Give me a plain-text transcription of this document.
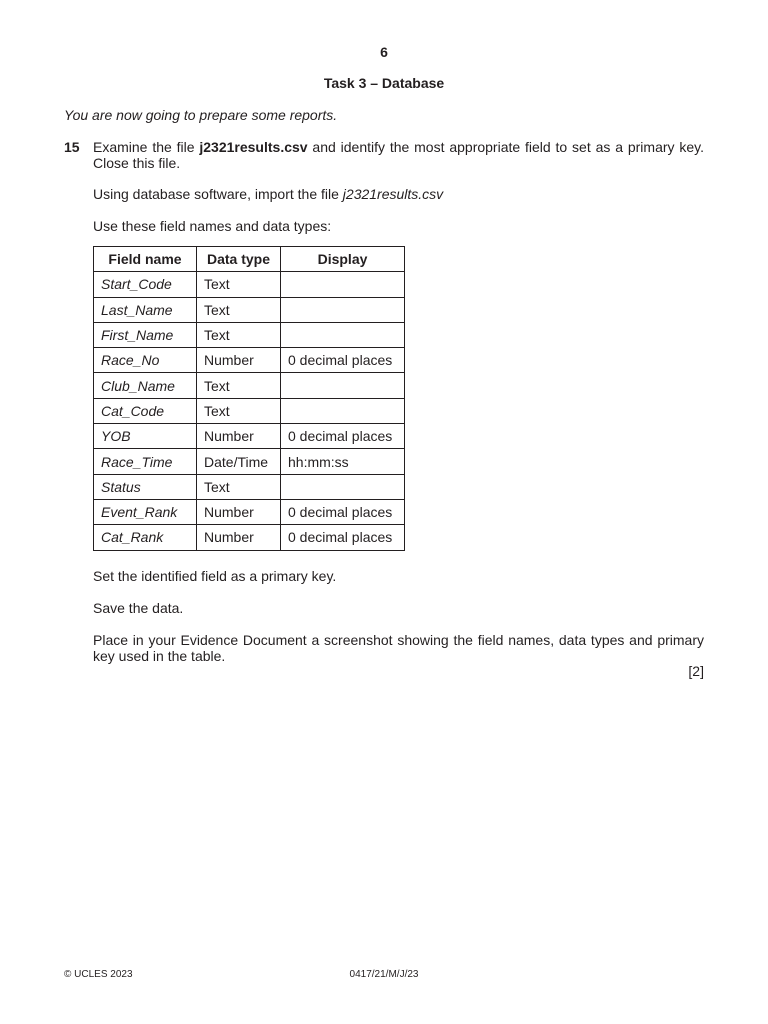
6
Task 3 – Database
You are now going to prepare some reports.
15 Examine the file j2321results.csv and identify the most appropriate field to set as a primary key. Close this file.
Using database software, import the file j2321results.csv
Use these field names and data types:
Field name	Data type	Display
Start_Code	Text	
Last_Name	Text	
First_Name	Text	
Race_No	Number	0 decimal places
Club_Name	Text	
Cat_Code	Text	
YOB	Number	0 decimal places
Race_Time	Date/Time	hh:mm:ss
Status	Text	
Event_Rank	Number	0 decimal places
Cat_Rank	Number	0 decimal places
Set the identified field as a primary key.
Save the data.
Place in your Evidence Document a screenshot showing the field names, data types and primary key used in the table.
[2]
© UCLES 2023	0417/21/M/J/23
